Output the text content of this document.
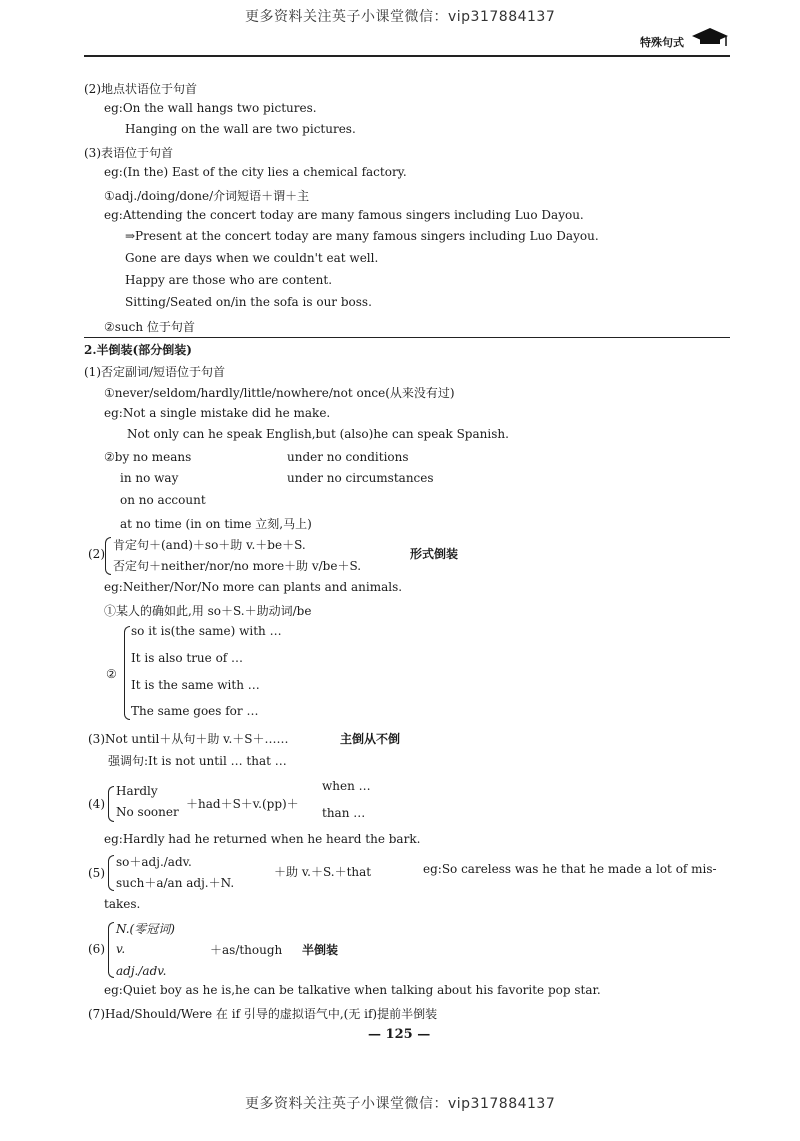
更多资料关注英子小课堂微信：vip317884137
特殊句式
(2)地点状语位于句首
eg:On the wall hangs two pictures.
Hanging on the wall are two pictures.
(3)表语位于句首
eg:(In the) East of the city lies a chemical factory.
①adj./doing/done/介词短语＋谓＋主
eg:Attending the concert today are many famous singers including Luo Dayou.
⇒Present at the concert today are many famous singers including Luo Dayou.
Gone are days when we couldn't eat well.
Happy are those who are content.
Sitting/Seated on/in the sofa is our boss.
②such 位于句首
2.半倒装(部分倒装)
(1)否定副词/短语位于句首
①never/seldom/hardly/little/nowhere/not once(从来没有过)
eg:Not a single mistake did he make.
Not only can he speak English,but (also)he can speak Spanish.
②by no means	under no conditions
in no way	under no circumstances
on no account
at no time (in on time 立刻,马上)
(2)
肯定句＋(and)＋so＋助 v.＋be＋S.
否定句＋neither/nor/no more＋助 v/be＋S.
形式倒装
eg:Neither/Nor/No more can plants and animals.
①某人的确如此,用 so＋S.＋助动词/be
②
so it is(the same) with …
It is also true of …
It is the same with …
The same goes for …
(3)Not until＋从句＋助 v.＋S＋……	主倒从不倒
强调句:It is not until … that …
(4)
Hardly
No sooner
＋had＋S＋v.(pp)＋
when …
than …
eg:Hardly had he returned when he heard the bark.
(5)
so＋adj./adv.
such＋a/an adj.＋N.
＋助 v.＋S.＋that	eg:So careless was he that he made a lot of mis-
takes.
(6)
N.(零冠词)
v.
adj./adv.
＋as/though 半倒装
eg:Quiet boy as he is,he can be talkative when talking about his favorite pop star.
(7)Had/Should/Were 在 if 引导的虚拟语气中,(无 if)提前半倒装
— 125 —
更多资料关注英子小课堂微信：vip317884137
